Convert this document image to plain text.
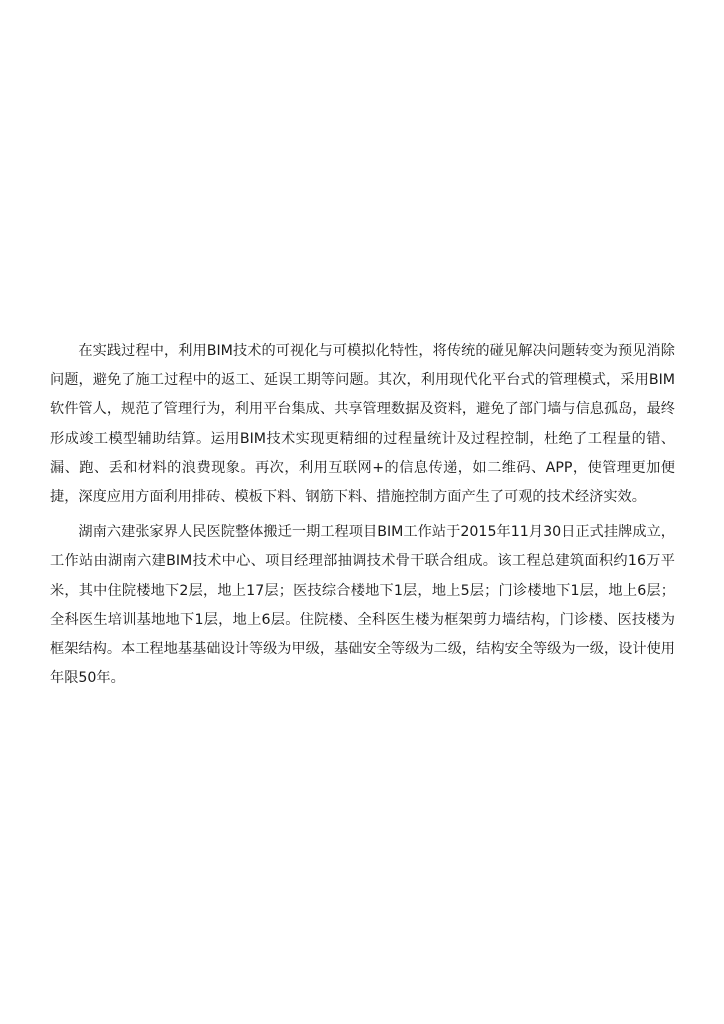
在实践过程中，利用BIM技术的可视化与可模拟化特性，将传统的碰见解决问题转变为预见消除问题，避免了施工过程中的返工、延误工期等问题。其次，利用现代化平台式的管理模式，采用BIM软件管人，规范了管理行为，利用平台集成、共享管理数据及资料，避免了部门墙与信息孤岛，最终形成竣工模型辅助结算。运用BIM技术实现更精细的过程量统计及过程控制，杜绝了工程量的错、漏、跑、丢和材料的浪费现象。再次，利用互联网+的信息传递，如二维码、APP，使管理更加便捷，深度应用方面利用排砖、模板下料、钢筋下料、措施控制方面产生了可观的技术经济实效。

湖南六建张家界人民医院整体搬迁一期工程项目BIM工作站于2015年11月30日正式挂牌成立，工作站由湖南六建BIM技术中心、项目经理部抽调技术骨干联合组成。该工程总建筑面积约16万平米，其中住院楼地下2层，地上17层；医技综合楼地下1层，地上5层；门诊楼地下1层，地上6层；全科医生培训基地地下1层，地上6层。住院楼、全科医生楼为框架剪力墙结构，门诊楼、医技楼为框架结构。本工程地基基础设计等级为甲级，基础安全等级为二级，结构安全等级为一级，设计使用年限50年。
